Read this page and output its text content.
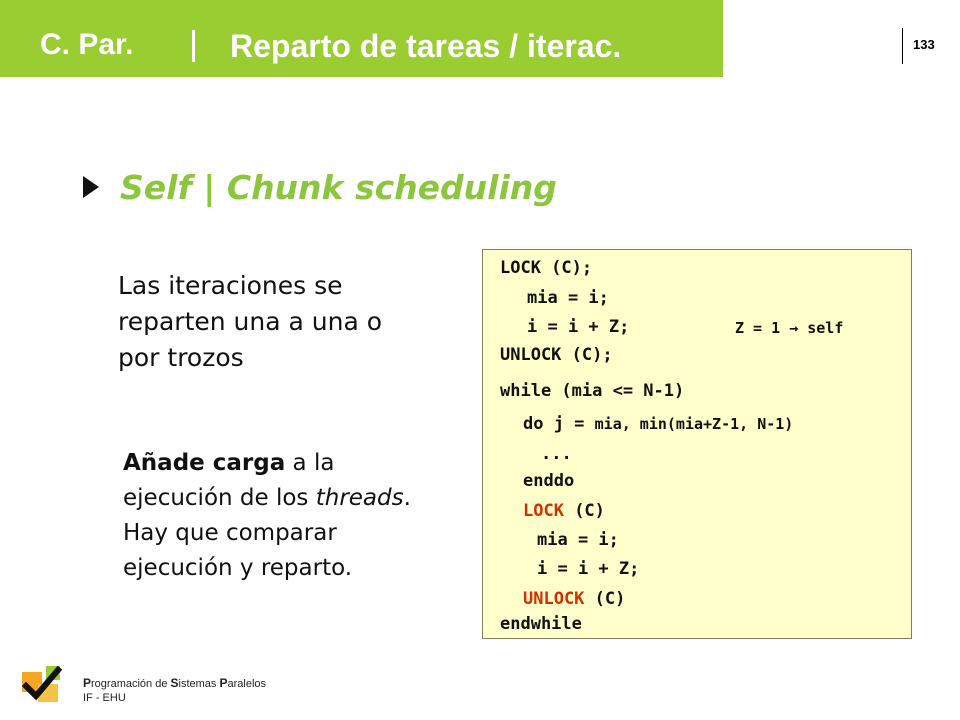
C. Par.	Reparto de tareas / iterac.	133
Self | Chunk scheduling
Las iteraciones se
reparten una a una o
por trozos
Añade carga a la
ejecución de los threads.
Hay que comparar
ejecución y reparto.
LOCK (C);
mia = i;
i = i + Z;	Z = 1 → self
UNLOCK (C);
while (mia <= N-1)
do j = mia, min(mia+Z-1, N-1)
...
enddo
LOCK (C)
mia = i;
i = i + Z;
UNLOCK (C)
endwhile
Programación de Sistemas Paralelos
IF - EHU
